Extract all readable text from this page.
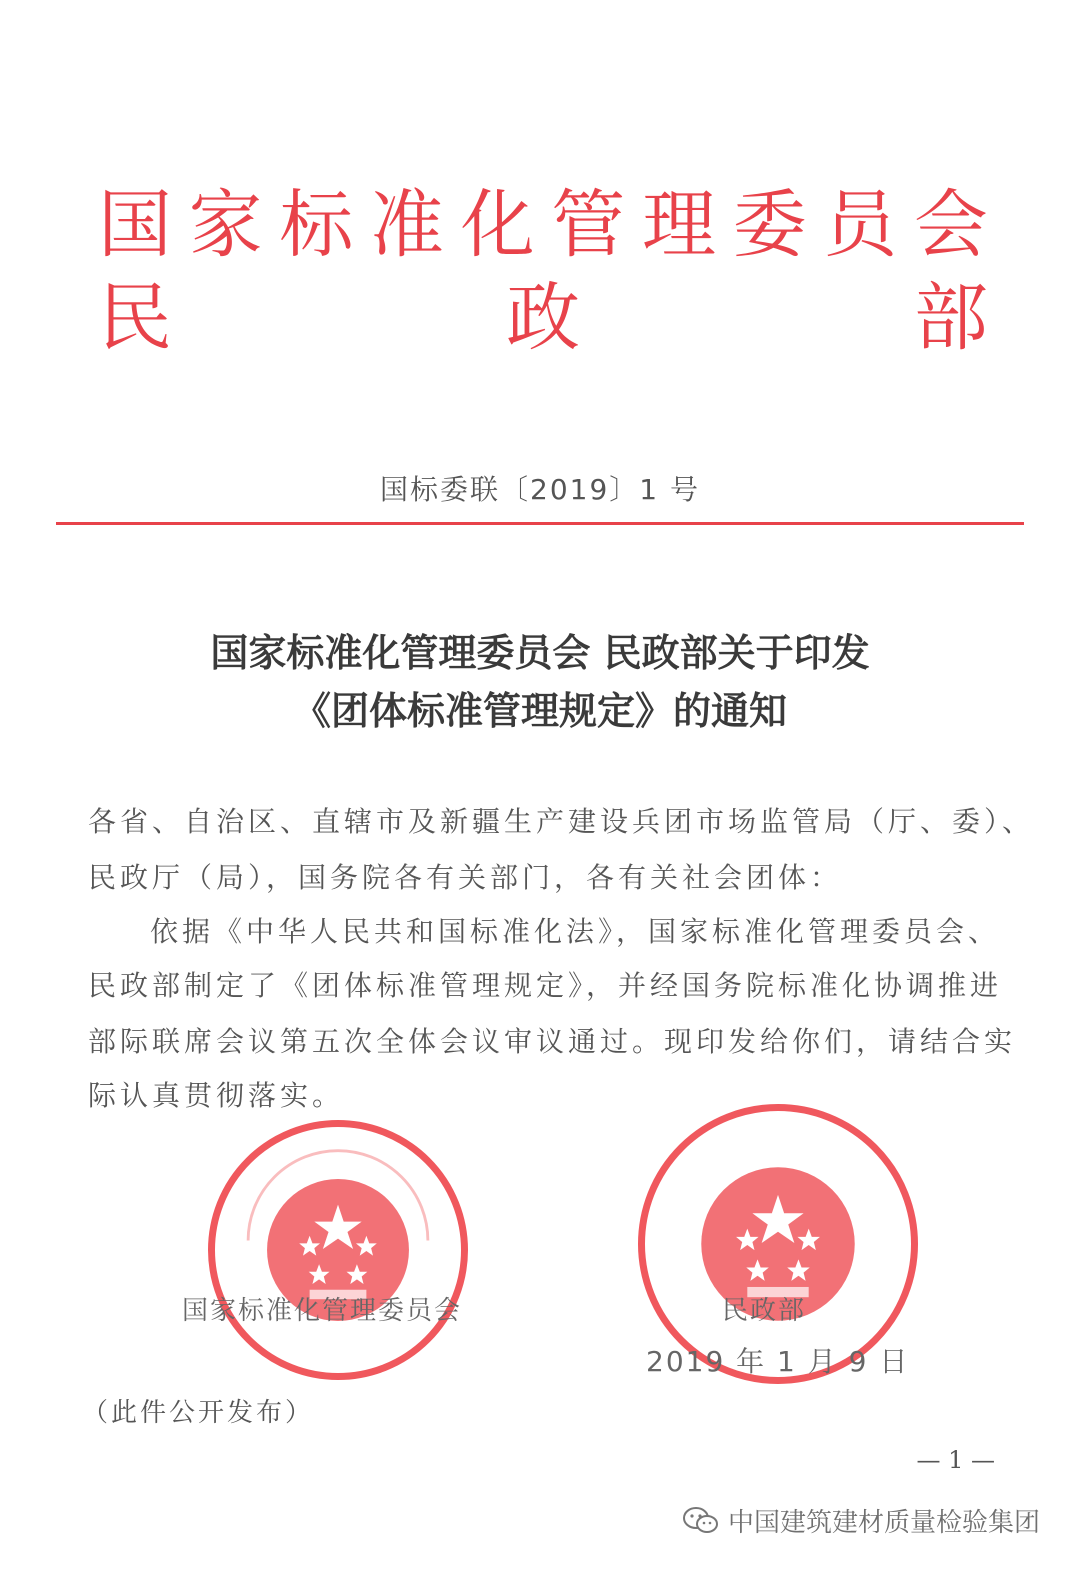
国 家 标 准 化 管 理 委 员 会
民	政	部
国标委联〔2019〕1 号
国家标准化管理委员会 民政部关于印发
《团体标准管理规定》的通知
各省、自治区、直辖市及新疆生产建设兵团市场监管局（厅、委）、
民政厅（局），国务院各有关部门，各有关社会团体：
依据《中华人民共和国标准化法》，国家标准化管理委员会、
民政部制定了《团体标准管理规定》，并经国务院标准化协调推进
部际联席会议第五次全体会议审议通过。现印发给你们，请结合实
际认真贯彻落实。
国家标准化管理委员会	民政部
2019 年 1 月 9 日
（此件公开发布）
— 1 —
中国建筑建材质量检验集团
